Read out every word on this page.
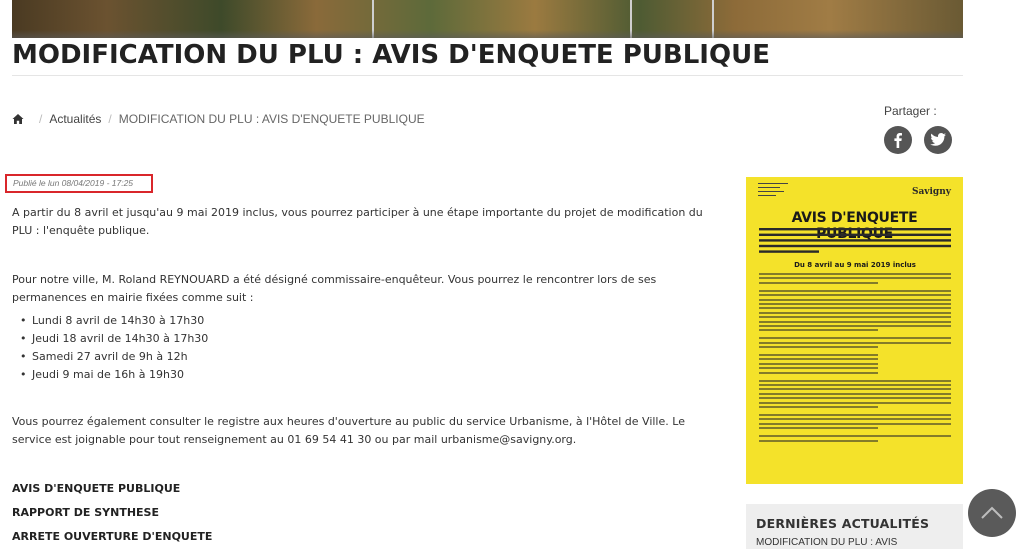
MODIFICATION DU PLU : AVIS D'ENQUETE PUBLIQUE
/ Actualités / MODIFICATION DU PLU : AVIS D'ENQUETE PUBLIQUE
Partager :
Publié le lun 08/04/2019 - 17:25

A partir du 8 avril et jusqu'au 9 mai 2019 inclus, vous pourrez participer à une étape importante du projet de modification du PLU : l'enquête publique.

Pour notre ville, M. Roland REYNOUARD a été désigné commissaire-enquêteur. Vous pourrez le rencontrer lors de ses permanences en mairie fixées comme suit :

• Lundi 8 avril de 14h30 à 17h30
• Jeudi 18 avril de 14h30 à 17h30
• Samedi 27 avril de 9h à 12h
• Jeudi 9 mai de 16h à 19h30

Vous pourrez également consulter le registre aux heures d'ouverture au public du service Urbanisme, à l'Hôtel de Ville. Le service est joignable pour tout renseignement au 01 69 54 41 30 ou par mail urbanisme@savigny.org.

AVIS D'ENQUETE PUBLIQUE
RAPPORT DE SYNTHESE
ARRETE OUVERTURE D'ENQUETE
Savigny
AVIS D'ENQUETE
Du 8 avril au 9 mai 2019 inclus
DERNIÈRES ACTUALITÉS
MODIFICATION DU PLU : AVIS
